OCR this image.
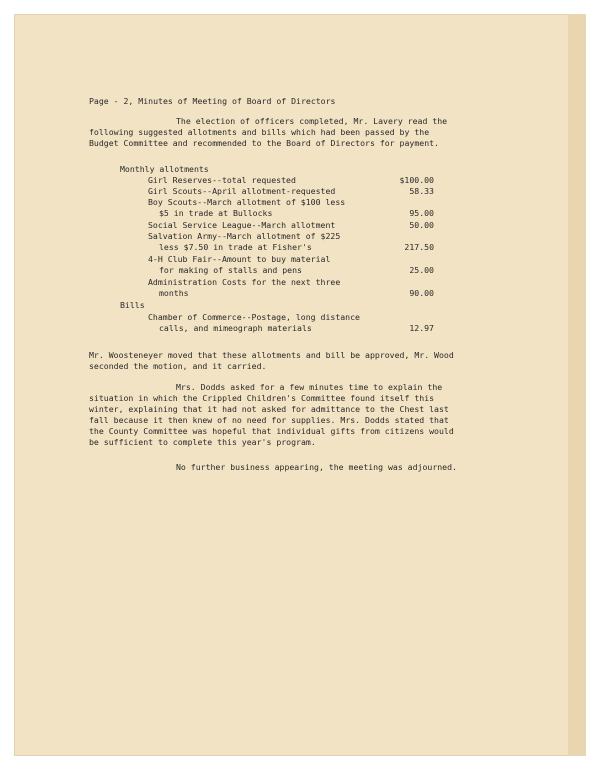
Page - 2, Minutes of Meeting of Board of Directors
The election of officers completed, Mr. Lavery read the
following suggested allotments and bills which had been passed by the
Budget Committee and recommended to the Board of Directors for payment.
Monthly allotments
Girl Reserves--total requested	$100.00
Girl Scouts--April allotment-requested	58.33
Boy Scouts--March allotment of $100 less
$5 in trade at Bullocks	95.00
Social Service League--March allotment	50.00
Salvation Army--March allotment of $225
less $7.50 in trade at Fisher's	217.50
4-H Club Fair--Amount to buy material
for making of stalls and pens	25.00
Administration Costs for the next three
months	90.00
Bills
Chamber of Commerce--Postage, long distance
calls, and mimeograph materials	12.97
Mr. Woosteneyer moved that these allotments and bill be approved, Mr. Wood
seconded the motion, and it carried.
Mrs. Dodds asked for a few minutes time to explain the
situation in which the Crippled Children's Committee found itself this
winter, explaining that it had not asked for admittance to the Chest last
fall because it then knew of no need for supplies. Mrs. Dodds stated that
the County Committee was hopeful that individual gifts from citizens would
be sufficient to complete this year's program.
No further business appearing, the meeting was adjourned.
